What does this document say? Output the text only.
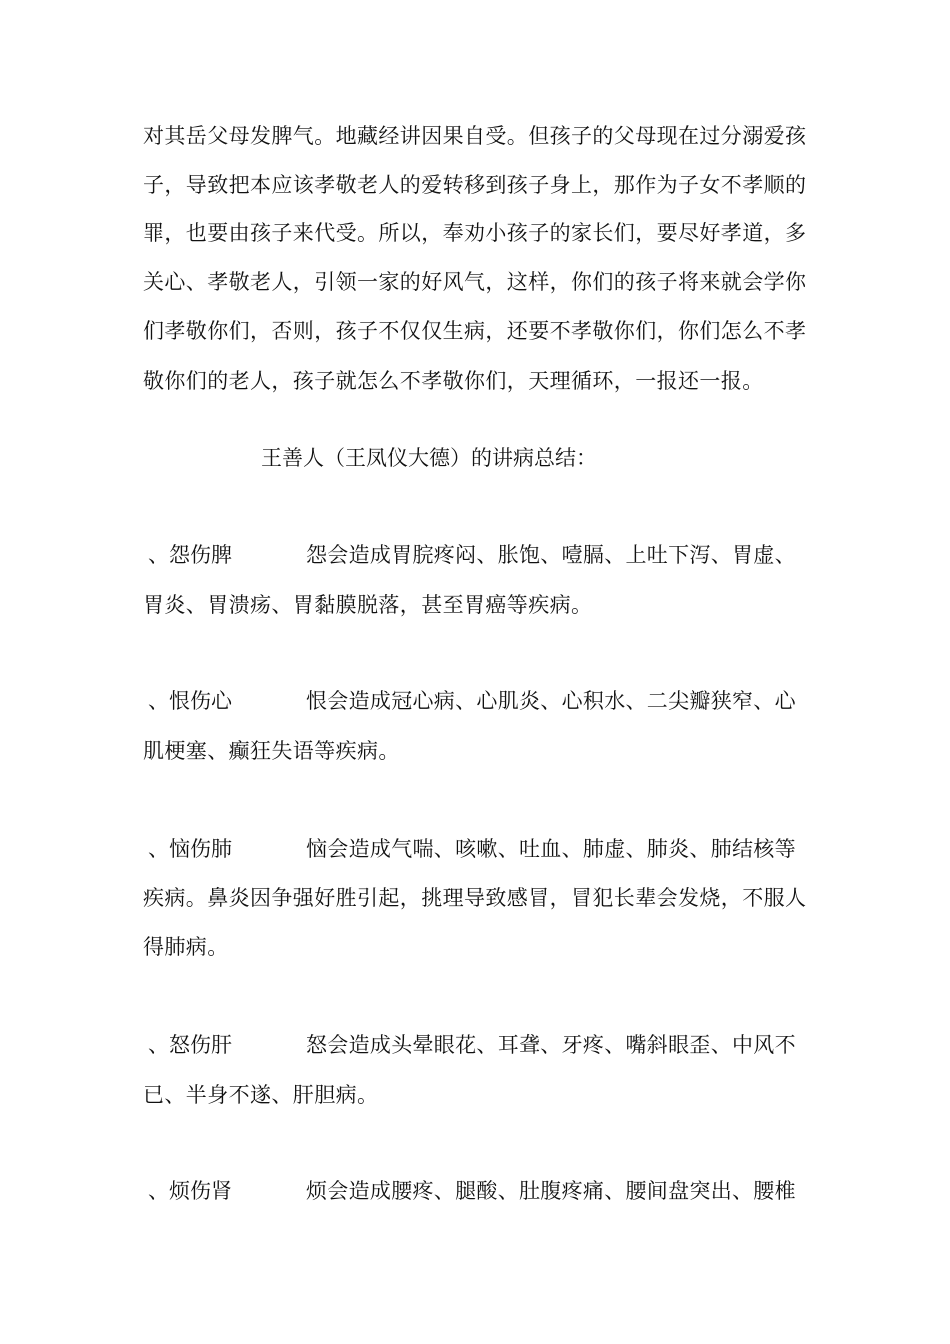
对其岳父母发脾气。地藏经讲因果自受。但孩子的父母现在过分溺爱孩
子，导致把本应该孝敬老人的爱转移到孩子身上，那作为子女不孝顺的
罪，也要由孩子来代受。所以，奉劝小孩子的家长们，要尽好孝道，多
关心、孝敬老人，引领一家的好风气，这样，你们的孩子将来就会学你
们孝敬你们，否则，孩子不仅仅生病，还要不孝敬你们，你们怎么不孝
敬你们的老人，孩子就怎么不孝敬你们，天理循环，一报还一报。
王善人（王凤仪大德）的讲病总结：
、怨伤脾	怨会造成胃脘疼闷、胀饱、噎膈、上吐下泻、胃虚、
胃炎、胃溃疡、胃黏膜脱落，甚至胃癌等疾病。
、恨伤心	恨会造成冠心病、心肌炎、心积水、二尖瓣狭窄、心
肌梗塞、癫狂失语等疾病。
、恼伤肺	恼会造成气喘、咳嗽、吐血、肺虚、肺炎、肺结核等
疾病。鼻炎因争强好胜引起，挑理导致感冒，冒犯长辈会发烧，不服人
得肺病。
、怒伤肝	怒会造成头晕眼花、耳聋、牙疼、嘴斜眼歪、中风不
已、半身不遂、肝胆病。
、烦伤肾	烦会造成腰疼、腿酸、肚腹疼痛、腰间盘突出、腰椎
